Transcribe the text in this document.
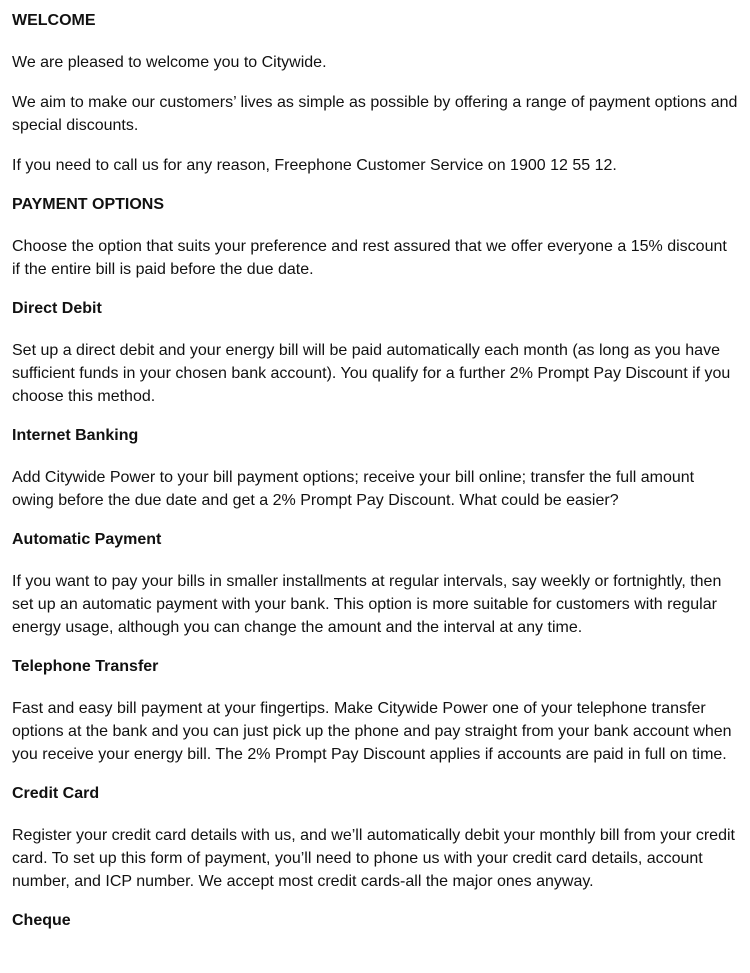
WELCOME

We are pleased to welcome you to Citywide.

We aim to make our customers’ lives as simple as possible by offering a range of payment options and special discounts.

If you need to call us for any reason, Freephone Customer Service on 1900 12 55 12.

PAYMENT OPTIONS

Choose the option that suits your preference and rest assured that we offer everyone a 15% discount if the entire bill is paid before the due date.

Direct Debit

Set up a direct debit and your energy bill will be paid automatically each month (as long as you have sufficient funds in your chosen bank account). You qualify for a further 2% Prompt Pay Discount if you choose this method.

Internet Banking

Add Citywide Power to your bill payment options; receive your bill online; transfer the full amount owing before the due date and get a 2% Prompt Pay Discount. What could be easier?

Automatic Payment

If you want to pay your bills in smaller installments at regular intervals, say weekly or fortnightly, then set up an automatic payment with your bank. This option is more suitable for customers with regular energy usage, although you can change the amount and the interval at any time.

Telephone Transfer

Fast and easy bill payment at your fingertips. Make Citywide Power one of your telephone transfer options at the bank and you can just pick up the phone and pay straight from your bank account when you receive your energy bill. The 2% Prompt Pay Discount applies if accounts are paid in full on time.

Credit Card

Register your credit card details with us, and we’ll automatically debit your monthly bill from your credit card. To set up this form of payment, you’ll need to phone us with your credit card details, account number, and ICP number. We accept most credit cards-all the major ones anyway.

Cheque
